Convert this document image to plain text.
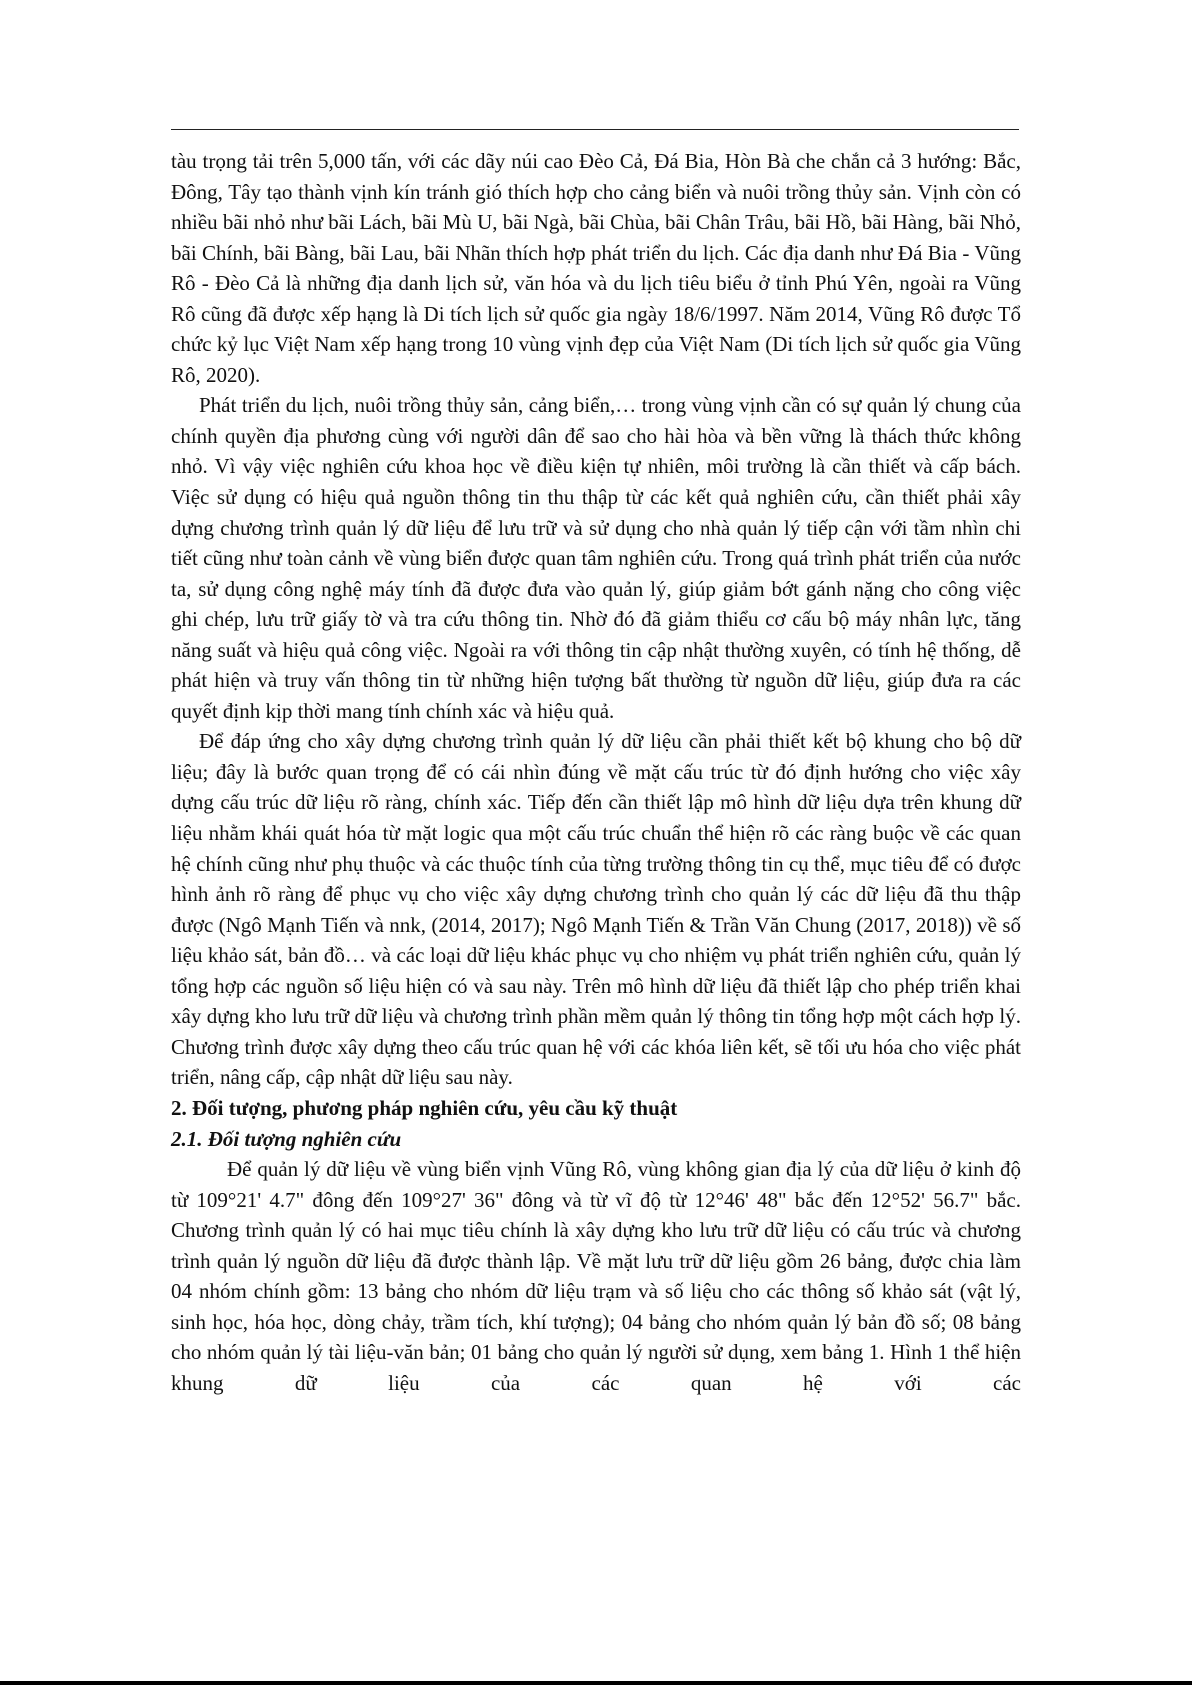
tàu trọng tải trên 5,000 tấn, với các dãy núi cao Đèo Cả, Đá Bia, Hòn Bà che chắn cả 3 hướng: Bắc, Đông, Tây tạo thành vịnh kín tránh gió thích hợp cho cảng biển và nuôi trồng thủy sản. Vịnh còn có nhiều bãi nhỏ như bãi Lách, bãi Mù U, bãi Ngà, bãi Chùa, bãi Chân Trâu, bãi Hồ, bãi Hàng, bãi Nhỏ, bãi Chính, bãi Bàng, bãi Lau, bãi Nhãn thích hợp phát triển du lịch. Các địa danh như Đá Bia - Vũng Rô - Đèo Cả là những địa danh lịch sử, văn hóa và du lịch tiêu biểu ở tỉnh Phú Yên, ngoài ra Vũng Rô cũng đã được xếp hạng là Di tích lịch sử quốc gia ngày 18/6/1997. Năm 2014, Vũng Rô được Tổ chức kỷ lục Việt Nam xếp hạng trong 10 vùng vịnh đẹp của Việt Nam (Di tích lịch sử quốc gia Vũng Rô, 2020).

Phát triển du lịch, nuôi trồng thủy sản, cảng biển,… trong vùng vịnh cần có sự quản lý chung của chính quyền địa phương cùng với người dân để sao cho hài hòa và bền vững là thách thức không nhỏ. Vì vậy việc nghiên cứu khoa học về điều kiện tự nhiên, môi trường là cần thiết và cấp bách. Việc sử dụng có hiệu quả nguồn thông tin thu thập từ các kết quả nghiên cứu, cần thiết phải xây dựng chương trình quản lý dữ liệu để lưu trữ và sử dụng cho nhà quản lý tiếp cận với tầm nhìn chi tiết cũng như toàn cảnh về vùng biển được quan tâm nghiên cứu. Trong quá trình phát triển của nước ta, sử dụng công nghệ máy tính đã được đưa vào quản lý, giúp giảm bớt gánh nặng cho công việc ghi chép, lưu trữ giấy tờ và tra cứu thông tin. Nhờ đó đã giảm thiểu cơ cấu bộ máy nhân lực, tăng năng suất và hiệu quả công việc. Ngoài ra với thông tin cập nhật thường xuyên, có tính hệ thống, dễ phát hiện và truy vấn thông tin từ những hiện tượng bất thường từ nguồn dữ liệu, giúp đưa ra các quyết định kịp thời mang tính chính xác và hiệu quả.

Để đáp ứng cho xây dựng chương trình quản lý dữ liệu cần phải thiết kết bộ khung cho bộ dữ liệu; đây là bước quan trọng để có cái nhìn đúng về mặt cấu trúc từ đó định hướng cho việc xây dựng cấu trúc dữ liệu rõ ràng, chính xác. Tiếp đến cần thiết lập mô hình dữ liệu dựa trên khung dữ liệu nhằm khái quát hóa từ mặt logic qua một cấu trúc chuẩn thể hiện rõ các ràng buộc về các quan hệ chính cũng như phụ thuộc và các thuộc tính của từng trường thông tin cụ thể, mục tiêu để có được hình ảnh rõ ràng để phục vụ cho việc xây dựng chương trình cho quản lý các dữ liệu đã thu thập được (Ngô Mạnh Tiến và nnk, (2014, 2017); Ngô Mạnh Tiến & Trần Văn Chung (2017, 2018)) về số liệu khảo sát, bản đồ… và các loại dữ liệu khác phục vụ cho nhiệm vụ phát triển nghiên cứu, quản lý tổng hợp các nguồn số liệu hiện có và sau này. Trên mô hình dữ liệu đã thiết lập cho phép triển khai xây dựng kho lưu trữ dữ liệu và chương trình phần mềm quản lý thông tin tổng hợp một cách hợp lý. Chương trình được xây dựng theo cấu trúc quan hệ với các khóa liên kết, sẽ tối ưu hóa cho việc phát triển, nâng cấp, cập nhật dữ liệu sau này.

2. Đối tượng, phương pháp nghiên cứu, yêu cầu kỹ thuật

2.1. Đối tượng nghiên cứu

Để quản lý dữ liệu về vùng biển vịnh Vũng Rô, vùng không gian địa lý của dữ liệu ở kinh độ từ 109°21' 4.7" đông đến 109°27' 36" đông và từ vĩ độ từ 12°46' 48" bắc đến 12°52' 56.7" bắc. Chương trình quản lý có hai mục tiêu chính là xây dựng kho lưu trữ dữ liệu có cấu trúc và chương trình quản lý nguồn dữ liệu đã được thành lập. Về mặt lưu trữ dữ liệu gồm 26 bảng, được chia làm 04 nhóm chính gồm: 13 bảng cho nhóm dữ liệu trạm và số liệu cho các thông số khảo sát (vật lý, sinh học, hóa học, dòng chảy, trầm tích, khí tượng); 04 bảng cho nhóm quản lý bản đồ số; 08 bảng cho nhóm quản lý tài liệu-văn bản; 01 bảng cho quản lý người sử dụng, xem bảng 1. Hình 1 thể hiện khung dữ liệu của các quan hệ với các
